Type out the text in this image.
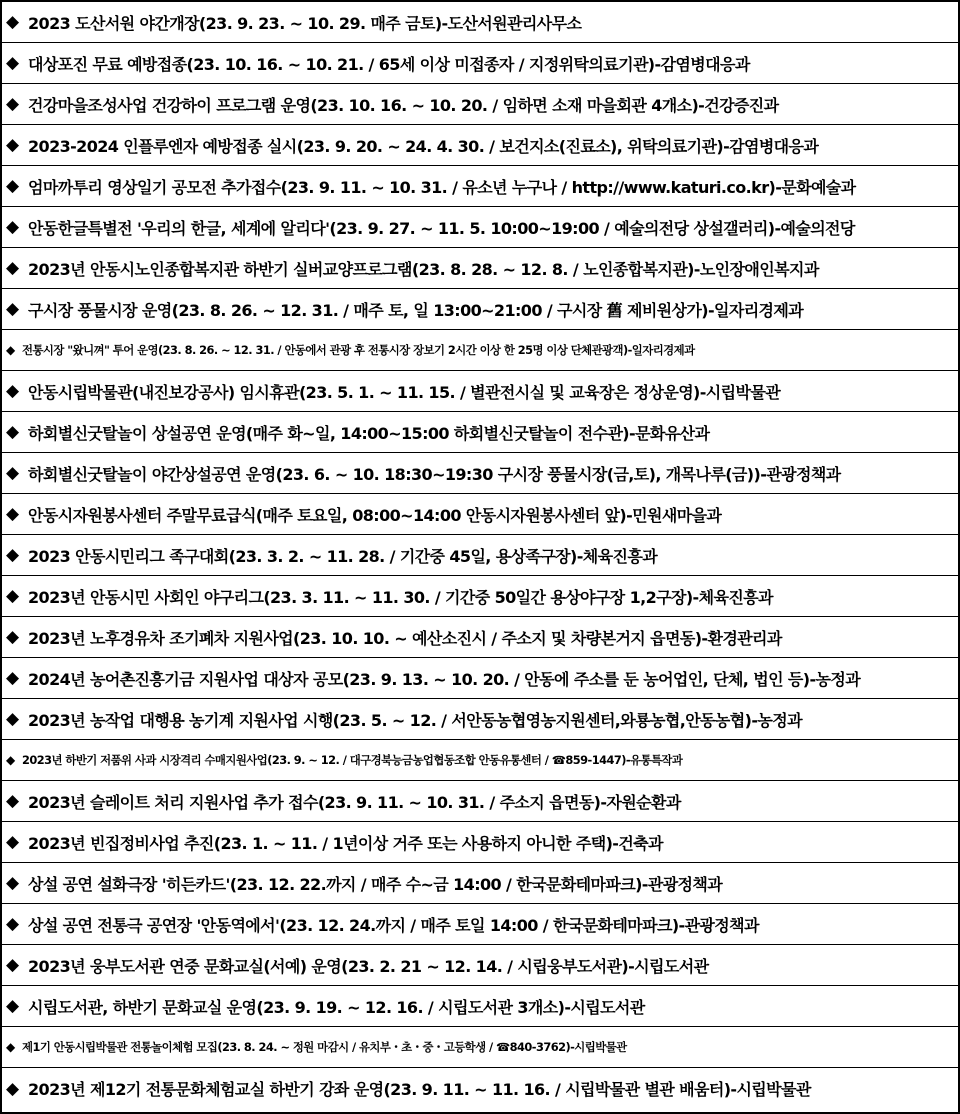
◆ 2023 도산서원 야간개장(23. 9. 23. ~ 10. 29. 매주 금토)-도산서원관리사무소
◆ 대상포진 무료 예방접종(23. 10. 16. ~ 10. 21. / 65세 이상 미접종자 / 지정위탁의료기관)-감염병대응과
◆ 건강마을조성사업 건강하이 프로그램 운영(23. 10. 16. ~ 10. 20. / 임하면 소재 마을회관 4개소)-건강증진과
◆ 2023-2024 인플루엔자 예방접종 실시(23. 9. 20. ~ 24. 4. 30. / 보건지소(진료소), 위탁의료기관)-감염병대응과
◆ 엄마까투리 영상일기 공모전 추가접수(23. 9. 11. ~ 10. 31. / 유소년 누구나 / http://www.katuri.co.kr)-문화예술과
◆ 안동한글특별전 '우리의 한글, 세계에 알리다'(23. 9. 27. ~ 11. 5. 10:00~19:00 / 예술의전당 상설갤러리)-예술의전당
◆ 2023년 안동시노인종합복지관 하반기 실버교양프로그램(23. 8. 28. ~ 12. 8. / 노인종합복지관)-노인장애인복지과
◆ 구시장 풍물시장 운영(23. 8. 26. ~ 12. 31. / 매주 토, 일 13:00~21:00 / 구시장 舊 제비원상가)-일자리경제과
◆ 전통시장 "왔니껴" 투어 운영(23. 8. 26. ~ 12. 31. / 안동에서 관광 후 전통시장 장보기 2시간 이상 한 25명 이상 단체관광객)-일자리경제과
◆ 안동시립박물관(내진보강공사) 임시휴관(23. 5. 1. ~ 11. 15. / 별관전시실 및 교육장은 정상운영)-시립박물관
◆ 하회별신굿탈놀이 상설공연 운영(매주 화~일, 14:00~15:00 하회별신굿탈놀이 전수관)-문화유산과
◆ 하회별신굿탈놀이 야간상설공연 운영(23. 6. ~ 10. 18:30~19:30 구시장 풍물시장(금,토), 개목나루(금))-관광정책과
◆ 안동시자원봉사센터 주말무료급식(매주 토요일, 08:00~14:00 안동시자원봉사센터 앞)-민원새마을과
◆ 2023 안동시민리그 족구대회(23. 3. 2. ~ 11. 28. / 기간중 45일, 용상족구장)-체육진흥과
◆ 2023년 안동시민 사회인 야구리그(23. 3. 11. ~ 11. 30. / 기간중 50일간 용상야구장 1,2구장)-체육진흥과
◆ 2023년 노후경유차 조기폐차 지원사업(23. 10. 10. ~ 예산소진시 / 주소지 및 차량본거지 읍면동)-환경관리과
◆ 2024년 농어촌진흥기금 지원사업 대상자 공모(23. 9. 13. ~ 10. 20. / 안동에 주소를 둔 농어업인, 단체, 법인 등)-농정과
◆ 2023년 농작업 대행용 농기계 지원사업 시행(23. 5. ~ 12. / 서안동농협영농지원센터,와룡농협,안동농협)-농정과
◆ 2023년 하반기 저품위 사과 시장격리 수매지원사업(23. 9. ~ 12. / 대구경북능금농업협동조합 안동유통센터 / ☎859-1447)-유통특작과
◆ 2023년 슬레이트 처리 지원사업 추가 접수(23. 9. 11. ~ 10. 31. / 주소지 읍면동)-자원순환과
◆ 2023년 빈집정비사업 추진(23. 1. ~ 11. / 1년이상 거주 또는 사용하지 아니한 주택)-건축과
◆ 상설 공연 설화극장 '히든카드'(23. 12. 22.까지 / 매주 수~금 14:00 / 한국문화테마파크)-관광정책과
◆ 상설 공연 전통극 공연장 '안동역에서'(23. 12. 24.까지 / 매주 토일 14:00 / 한국문화테마파크)-관광정책과
◆ 2023년 웅부도서관 연중 문화교실(서예) 운영(23. 2. 21 ~ 12. 14. / 시립웅부도서관)-시립도서관
◆ 시립도서관, 하반기 문화교실 운영(23. 9. 19. ~ 12. 16. / 시립도서관 3개소)-시립도서관
◆ 제1기 안동시립박물관 전통놀이체험 모집(23. 8. 24. ~ 정원 마감시 / 유치부・초・중・고등학생 / ☎840-3762)-시립박물관
◆ 2023년 제12기 전통문화체험교실 하반기 강좌 운영(23. 9. 11. ~ 11. 16. / 시립박물관 별관 배움터)-시립박물관
